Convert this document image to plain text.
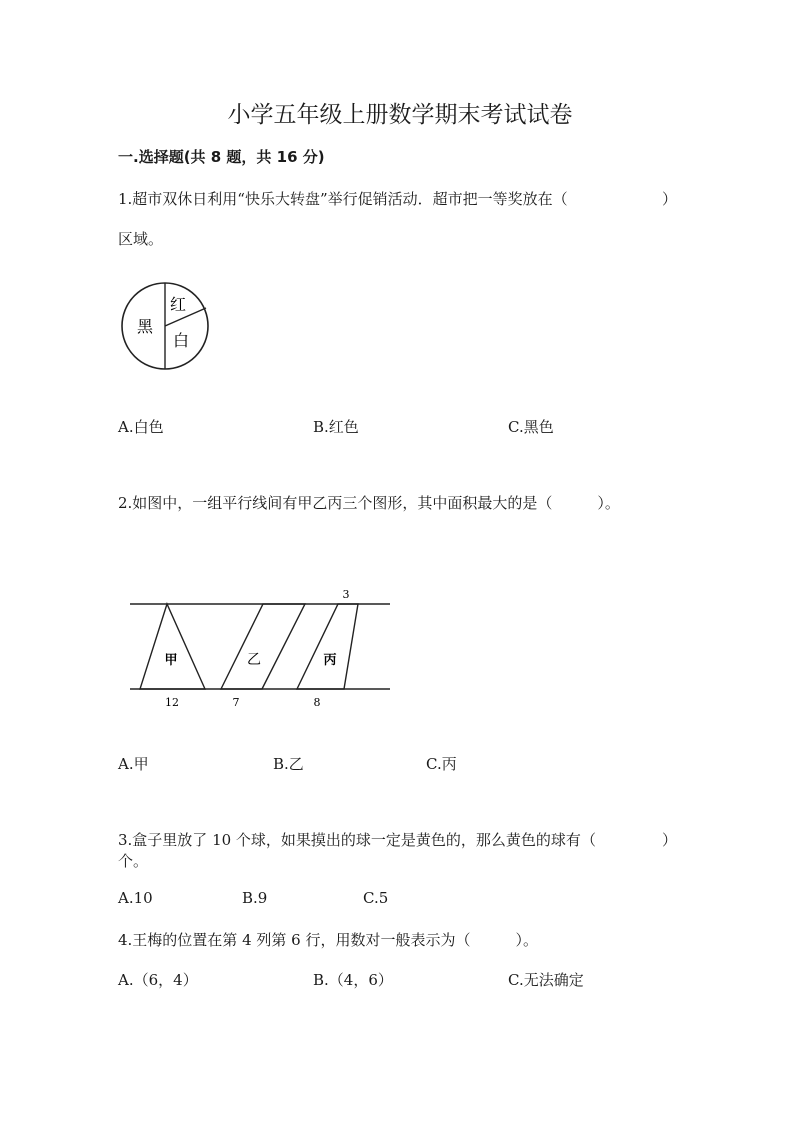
小学五年级上册数学期末考试试卷
一.选择题(共 8 题，共 16 分)
1.超市双休日利用“快乐大转盘”举行促销活动．超市把一等奖放在（	）
区域。
红
黑
白
A.白色	B.红色	C.黑色
2.如图中，一组平行线间有甲乙丙三个图形，其中面积最大的是（　　　）。
甲	乙	丙
3
12	7	8
A.甲	B.乙	C.丙
3.盒子里放了 10 个球，如果摸出的球一定是黄色的，那么黄色的球有（	）
个。
A.10	B.9	C.5
4.王梅的位置在第 4 列第 6 行，用数对一般表示为（　　　）。
A.（6，4）	B.（4，6）	C.无法确定
